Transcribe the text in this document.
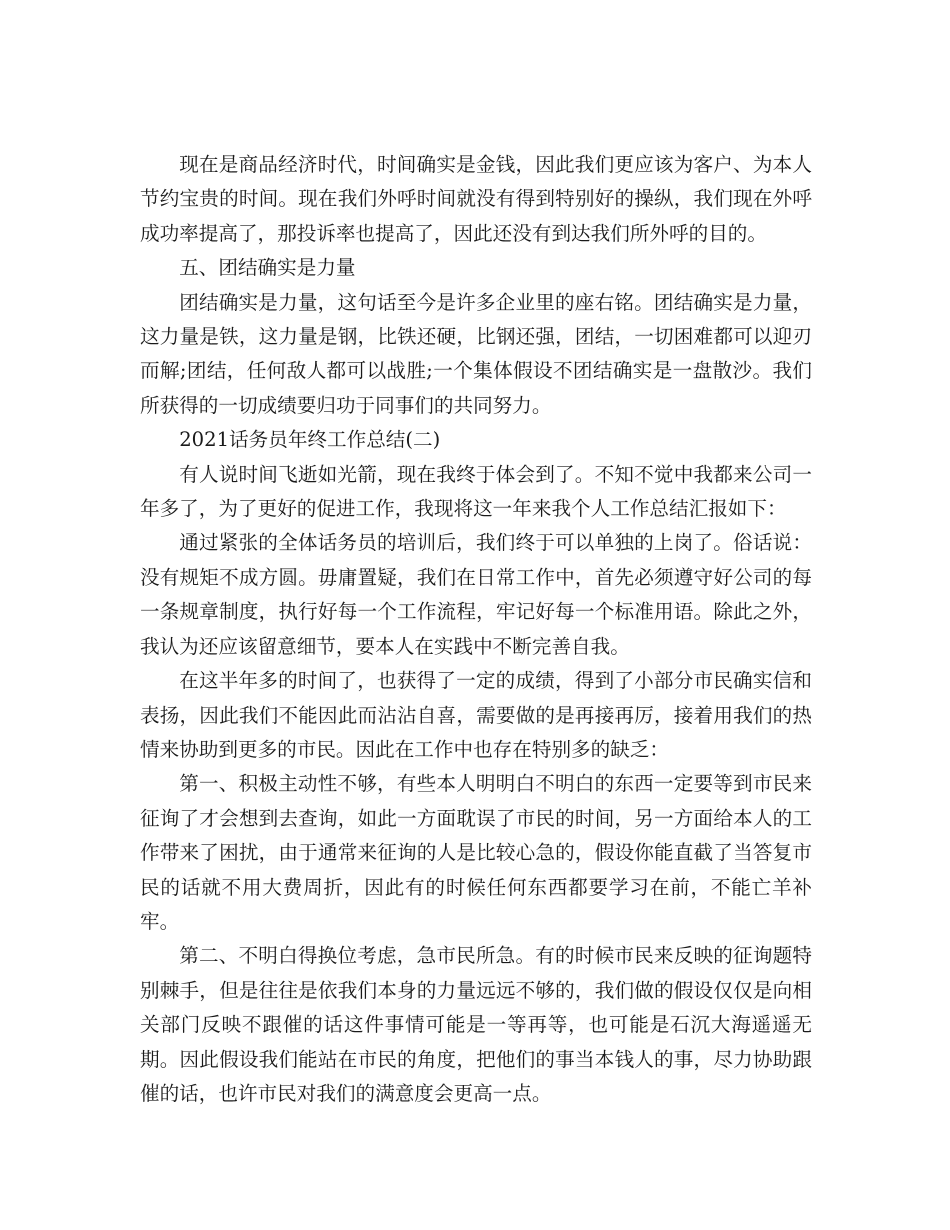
现在是商品经济时代，时间确实是金钱，因此我们更应该为客户、为本人节约宝贵的时间。现在我们外呼时间就没有得到特别好的操纵，我们现在外呼成功率提高了，那投诉率也提高了，因此还没有到达我们所外呼的目的。

五、团结确实是力量

团结确实是力量，这句话至今是许多企业里的座右铭。团结确实是力量，这力量是铁，这力量是钢，比铁还硬，比钢还强，团结，一切困难都可以迎刃而解;团结，任何敌人都可以战胜;一个集体假设不团结确实是一盘散沙。我们所获得的一切成绩要归功于同事们的共同努力。

2021话务员年终工作总结(二)

有人说时间飞逝如光箭，现在我终于体会到了。不知不觉中我都来公司一年多了，为了更好的促进工作，我现将这一年来我个人工作总结汇报如下：

通过紧张的全体话务员的培训后，我们终于可以单独的上岗了。俗话说：没有规矩不成方圆。毋庸置疑，我们在日常工作中，首先必须遵守好公司的每一条规章制度，执行好每一个工作流程，牢记好每一个标准用语。除此之外，我认为还应该留意细节，要本人在实践中不断完善自我。

在这半年多的时间了，也获得了一定的成绩，得到了小部分市民确实信和表扬，因此我们不能因此而沾沾自喜，需要做的是再接再厉，接着用我们的热情来协助到更多的市民。因此在工作中也存在特别多的缺乏：

第一、积极主动性不够，有些本人明明白不明白的东西一定要等到市民来征询了才会想到去查询，如此一方面耽误了市民的时间，另一方面给本人的工作带来了困扰，由于通常来征询的人是比较心急的，假设你能直截了当答复市民的话就不用大费周折，因此有的时候任何东西都要学习在前，不能亡羊补牢。

第二、不明白得换位考虑，急市民所急。有的时候市民来反映的征询题特别棘手，但是往往是依我们本身的力量远远不够的，我们做的假设仅仅是向相关部门反映不跟催的话这件事情可能是一等再等，也可能是石沉大海遥遥无期。因此假设我们能站在市民的角度，把他们的事当本钱人的事，尽力协助跟催的话，也许市民对我们的满意度会更高一点。
